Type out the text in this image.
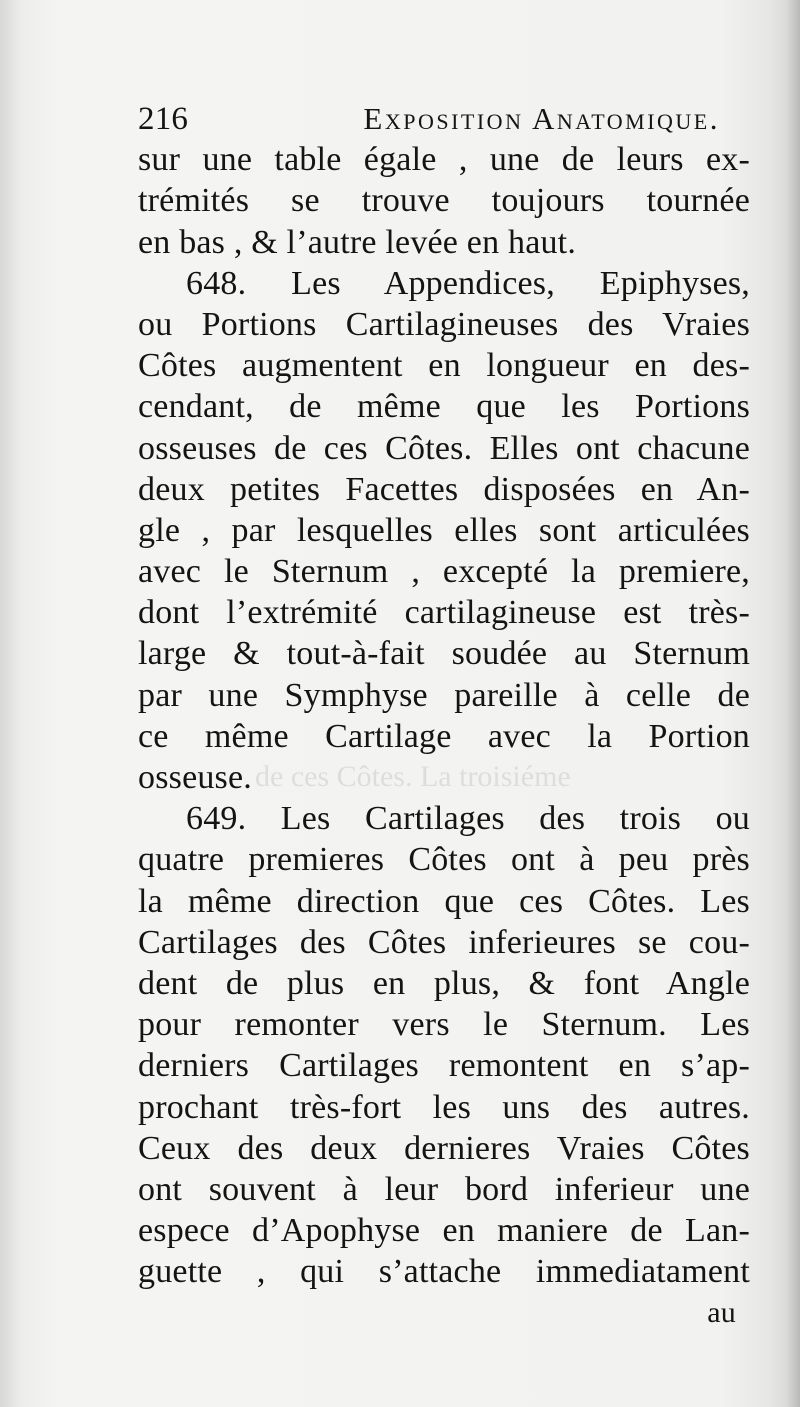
de ces Côtes. La troisiéme
216	Exposition Anatomique.
sur une table égale , une de leurs ex-
trémités se trouve toujours tournée
en bas , & l’autre levée en haut.
648. Les Appendices, Epiphyses,
ou Portions Cartilagineuses des Vraies
Côtes augmentent en longueur en des-
cendant, de même que les Portions
osseuses de ces Côtes. Elles ont chacune
deux petites Facettes disposées en An-
gle , par lesquelles elles sont articulées
avec le Sternum , excepté la premiere,
dont l’extrémité cartilagineuse est très-
large & tout-à-fait soudée au Sternum
par une Symphyse pareille à celle de
ce même Cartilage avec la Portion
osseuse.
649. Les Cartilages des trois ou
quatre premieres Côtes ont à peu près
la même direction que ces Côtes. Les
Cartilages des Côtes inferieures se cou-
dent de plus en plus, & font Angle
pour remonter vers le Sternum. Les
derniers Cartilages remontent en s’ap-
prochant très-fort les uns des autres.
Ceux des deux dernieres Vraies Côtes
ont souvent à leur bord inferieur une
espece d’Apophyse en maniere de Lan-
guette , qui s’attache immediatament
au
